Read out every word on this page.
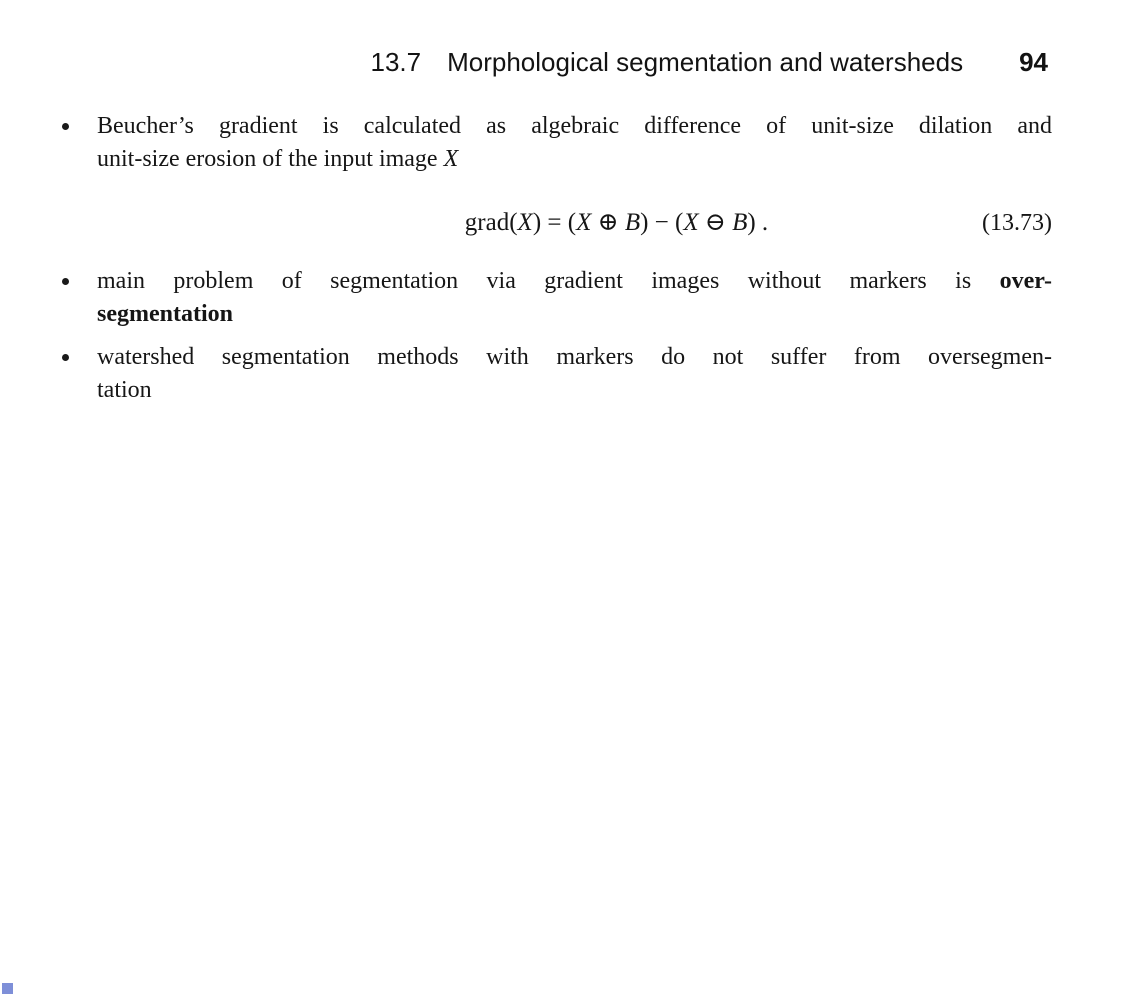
13.7 Morphological segmentation and watersheds 94
Beucher’s gradient is calculated as algebraic difference of unit-size dilation and
unit-size erosion of the input image X
grad(X) = (X ⊕ B) − (X ⊖ B) .	(13.73)
main problem of segmentation via gradient images without markers is over-
segmentation
watershed segmentation methods with markers do not suffer from oversegmen-
tation
